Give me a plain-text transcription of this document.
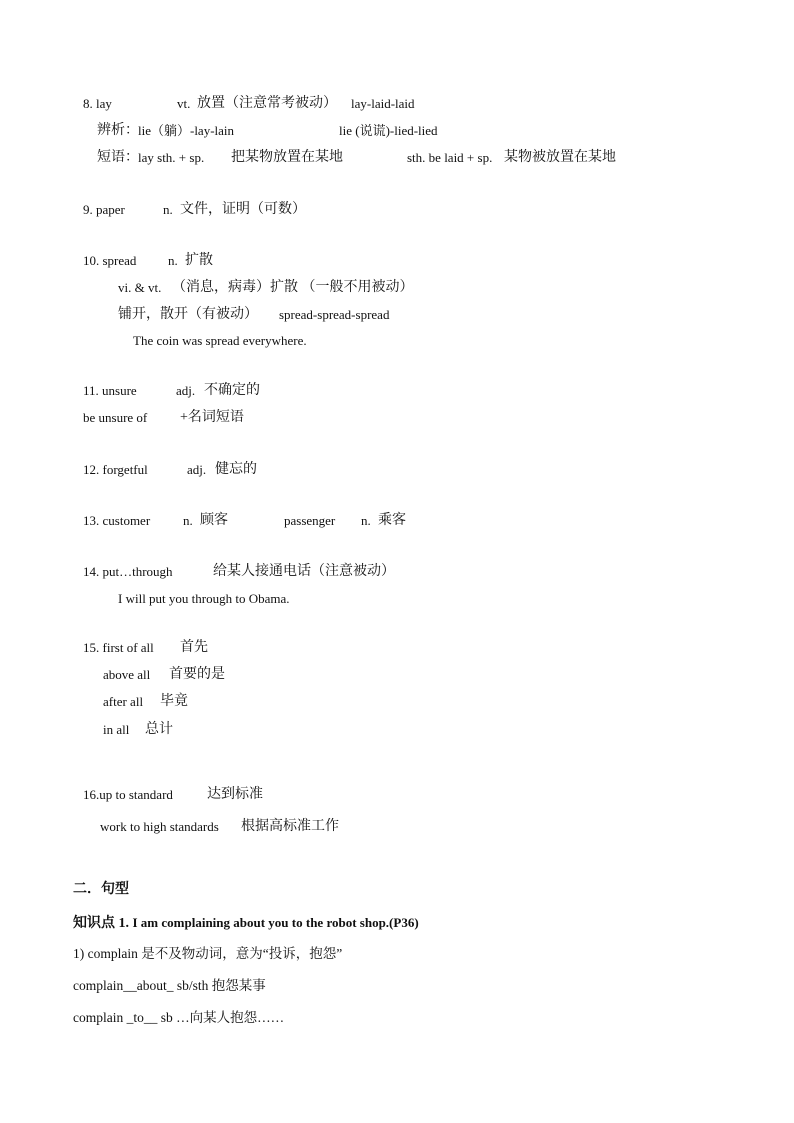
8. lay	vt. 放置（注意常考被动） lay-laid-laid
辨析： lie（躺）-lay-lain	lie (说谎)-lied-lied
短语： lay sth. + sp. 把某物放置在某地	sth. be laid + sp. 某物被放置在某地
9. paper	n. 文件，证明（可数）
10. spread n. 扩散
vi. & vt. （消息，病毒）扩散 （一般不用被动）
铺开，散开（有被动） spread-spread-spread
The coin was spread everywhere.
11. unsure	adj. 不确定的
be unsure of +名词短语
12. forgetful	adj. 健忘的
13. customer	n. 顾客	passenger n. 乘客
14. put…through	给某人接通电话（注意被动）
I will put you through to Obama.
15. first of all 首先
above all 首要的是
after all 毕竟
in all 总计
16.up to standard 达到标准
work to high standards 根据高标准工作
二．句型
知识点 1. I am complaining about you to the robot shop.(P36)
1) complain 是不及物动词，意为“投诉，抱怨”
complain__about_ sb/sth 抱怨某事
complain _to__ sb …向某人抱怨……
